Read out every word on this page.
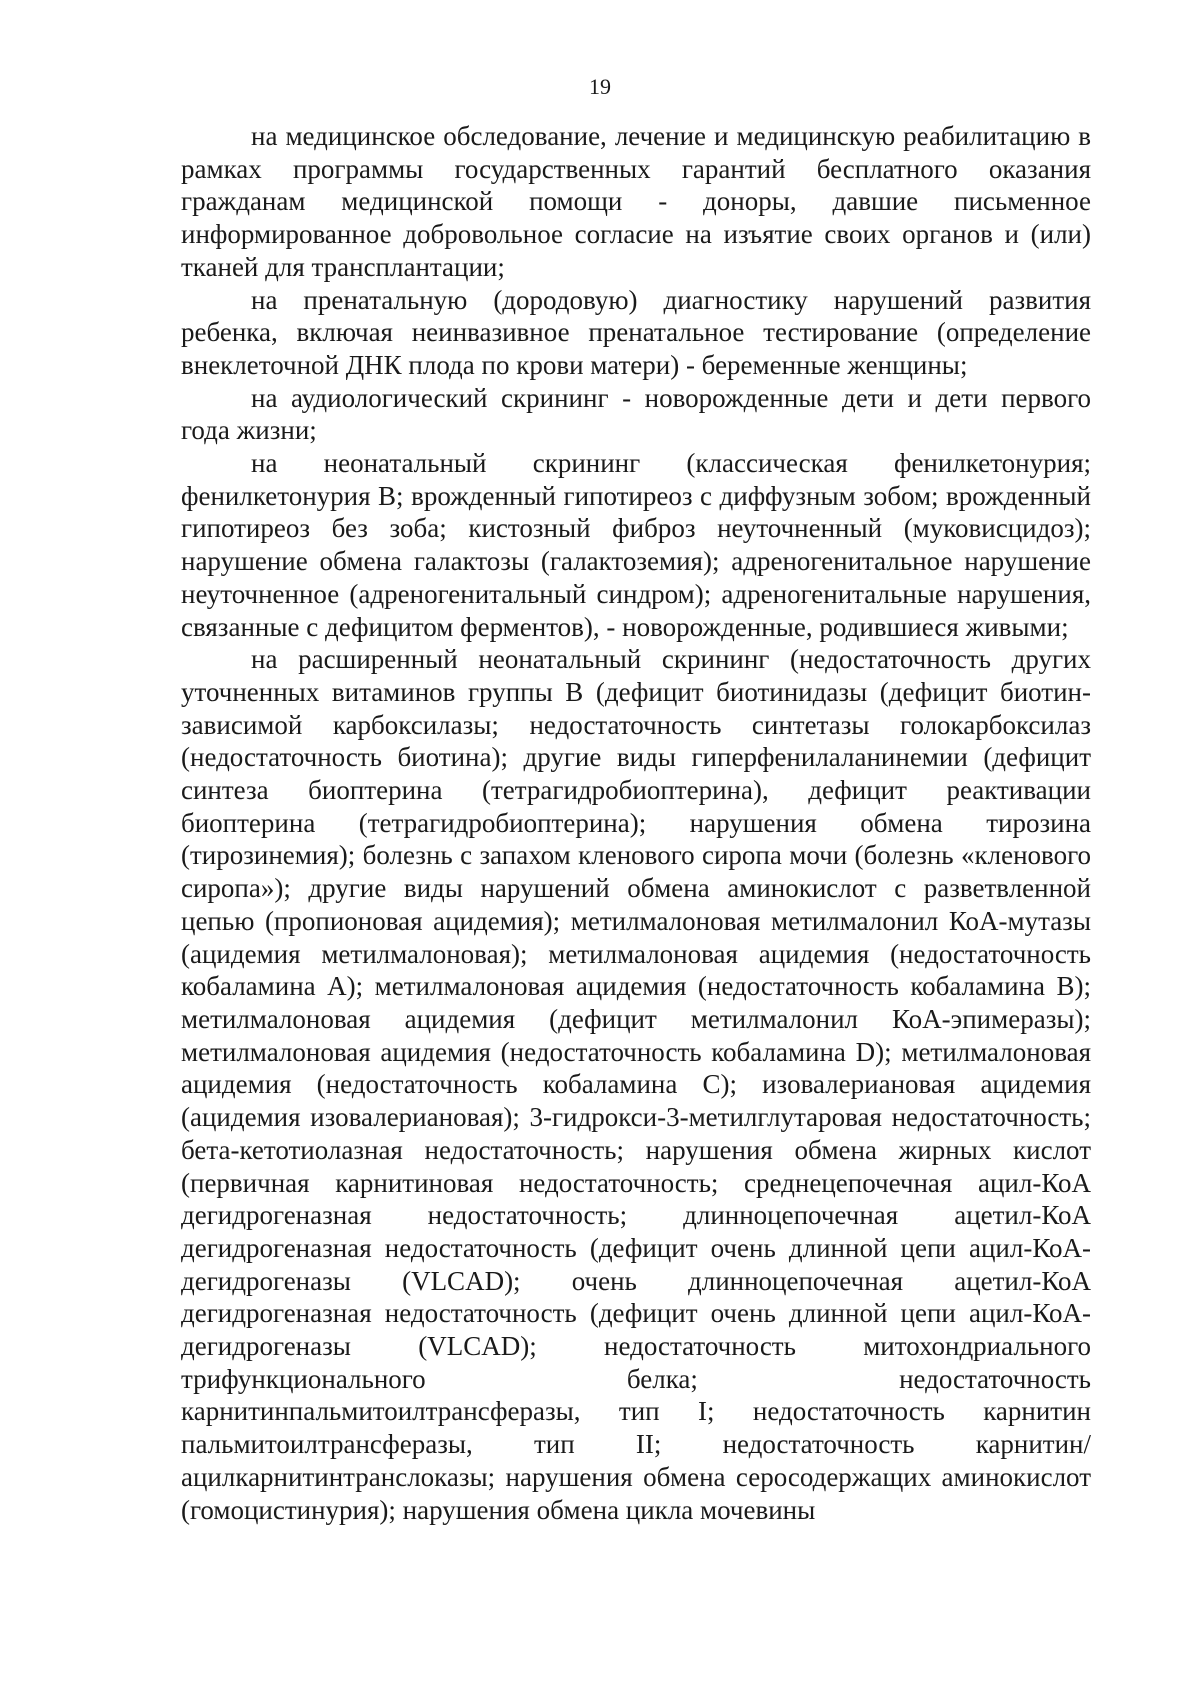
19

на медицинское обследование, лечение и медицинскую реабилитацию в рамках программы государственных гарантий бесплатного оказания гражданам медицинской помощи - доноры, давшие письменное информированное добровольное согласие на изъятие своих органов и (или) тканей для трансплантации;

на пренатальную (дородовую) диагностику нарушений развития ребенка, включая неинвазивное пренатальное тестирование (определение внеклеточной ДНК плода по крови матери) - беременные женщины;

на аудиологический скрининг - новорожденные дети и дети первого года жизни;

на неонатальный скрининг (классическая фенилкетонурия; фенилкетонурия B; врожденный гипотиреоз с диффузным зобом; врожденный гипотиреоз без зоба; кистозный фиброз неуточненный (муковисцидоз); нарушение обмена галактозы (галактоземия); адреногенитальное нарушение неуточненное (адреногенитальный синдром); адреногенитальные нарушения, связанные с дефицитом ферментов), - новорожденные, родившиеся живыми;

на расширенный неонатальный скрининг (недостаточность других уточненных витаминов группы B (дефицит биотинидазы (дефицит биотин-зависимой карбоксилазы; недостаточность синтетазы голокарбоксилаз (недостаточность биотина); другие виды гиперфенилаланинемии (дефицит синтеза биоптерина (тетрагидробиоптерина), дефицит реактивации биоптерина (тетрагидробиоптерина); нарушения обмена тирозина (тирозинемия); болезнь с запахом кленового сиропа мочи (болезнь «кленового сиропа»); другие виды нарушений обмена аминокислот с разветвленной цепью (пропионовая ацидемия); метилмалоновая метилмалонил КоА-мутазы (ацидемия метилмалоновая); метилмалоновая ацидемия (недостаточность кобаламина A); метилмалоновая ацидемия (недостаточность кобаламина B); метилмалоновая ацидемия (дефицит метилмалонил КоА-эпимеразы); метилмалоновая ацидемия (недостаточность кобаламина D); метилмалоновая ацидемия (недостаточность кобаламина C); изовалериановая ацидемия (ацидемия изовалериановая); 3-гидрокси-3-метилглутаровая недостаточность; бета-кетотиолазная недостаточность; нарушения обмена жирных кислот (первичная карнитиновая недостаточность; среднецепочечная ацил-КоА дегидрогеназная недостаточность; длинноцепочечная ацетил-КоА дегидрогеназная недостаточность (дефицит очень длинной цепи ацил-КоА-дегидрогеназы (VLCAD); очень длинноцепочечная ацетил-КоА дегидрогеназная недостаточность (дефицит очень длинной цепи ацил-КоА-дегидрогеназы (VLCAD); недостаточность митохондриального трифункционального белка; недостаточность карнитинпальмитоилтрансферазы, тип I; недостаточность карнитин пальмитоилтрансферазы, тип II; недостаточность карнитин/ацилкарнитинтранслоказы; нарушения обмена серосодержащих аминокислот (гомоцистинурия); нарушения обмена цикла мочевины
